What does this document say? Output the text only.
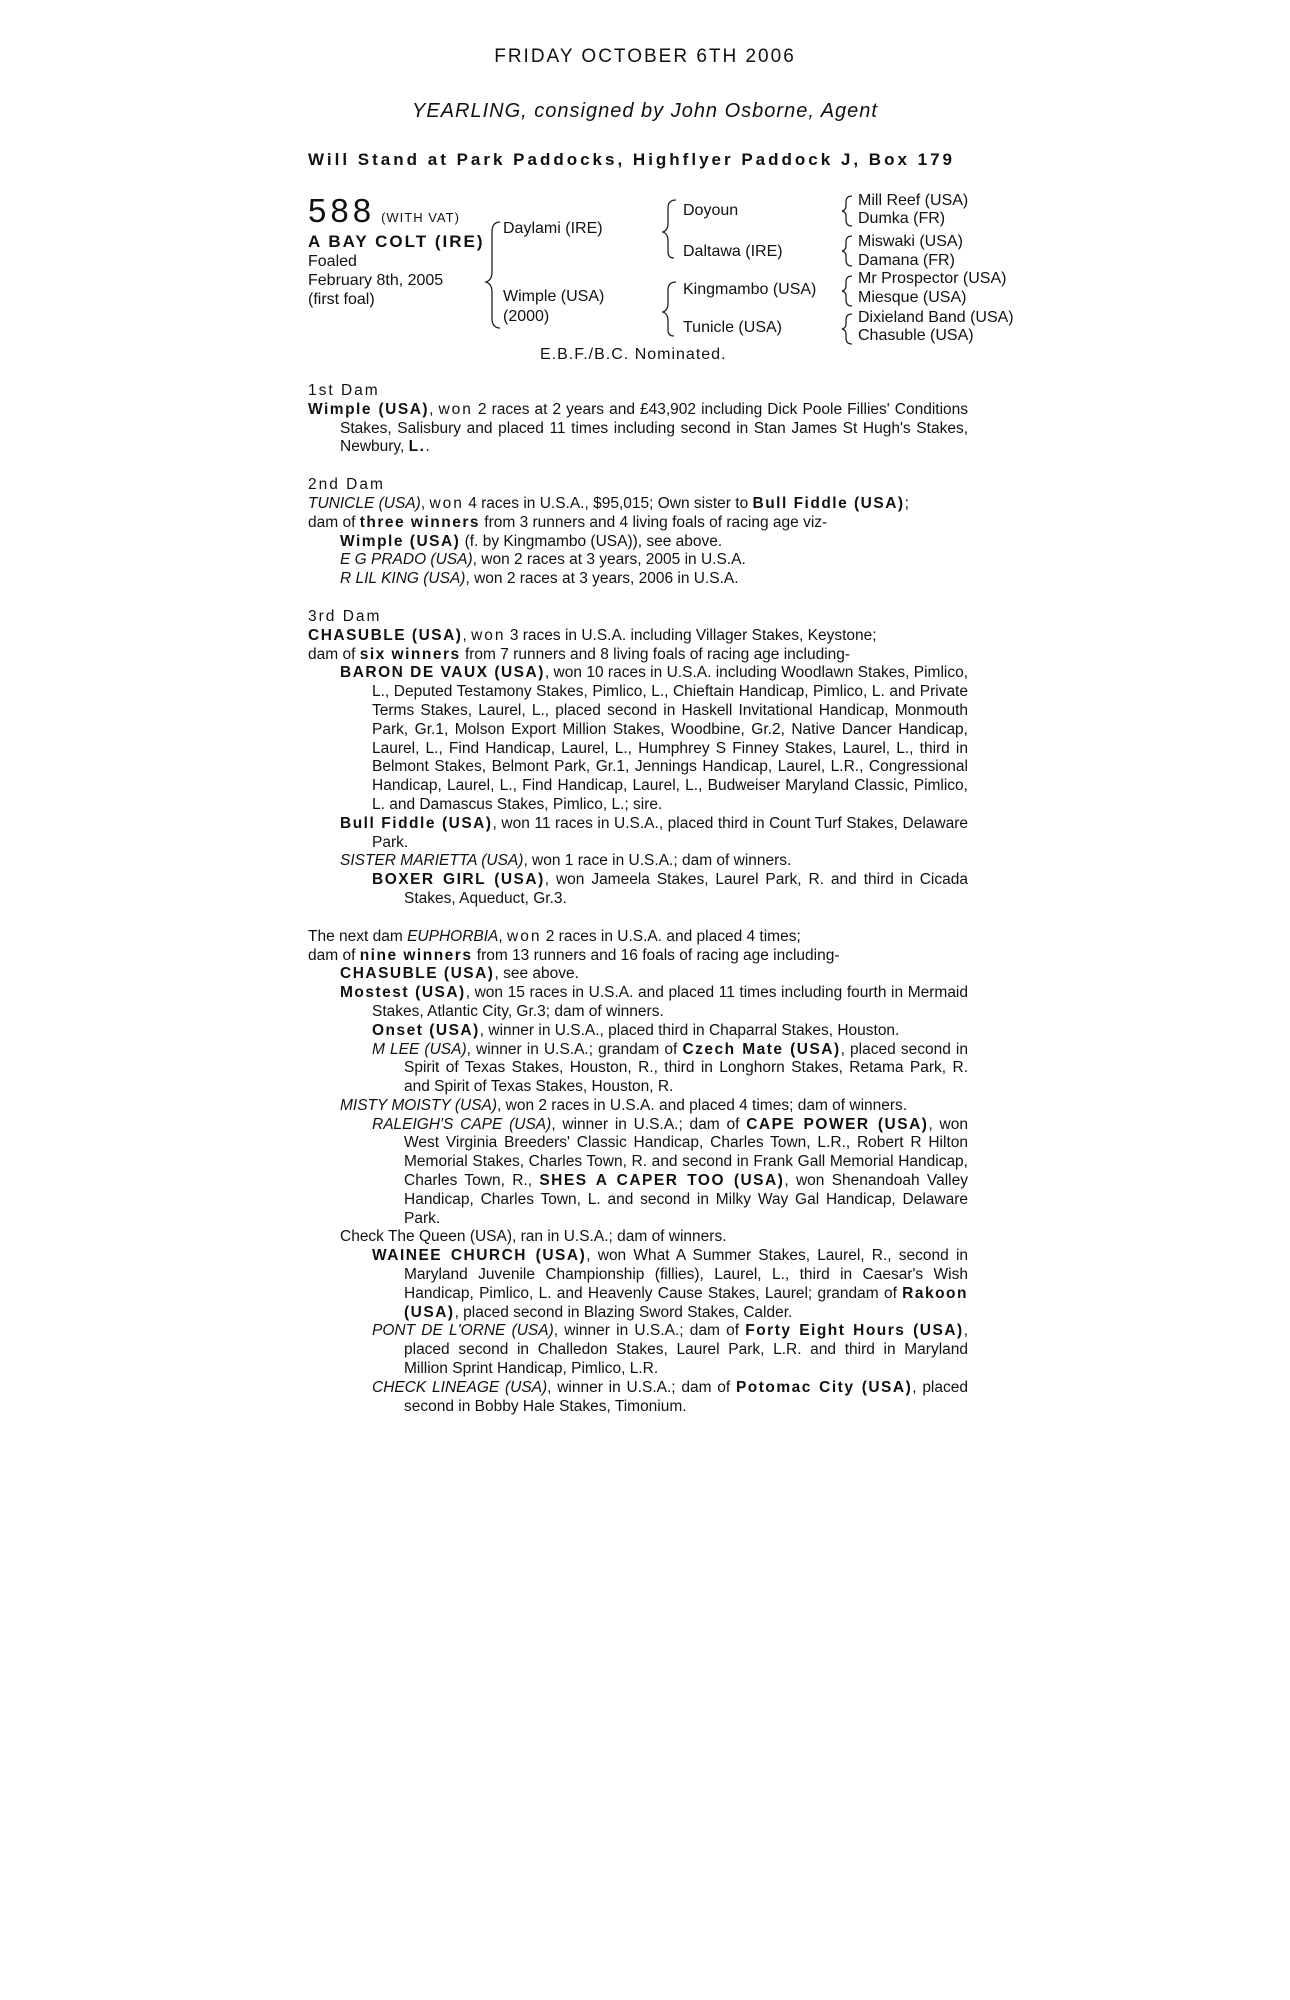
FRIDAY OCTOBER 6TH 2006
YEARLING, consigned by John Osborne, Agent
Will Stand at Park Paddocks, Highflyer Paddock J, Box 179
588 (WITH VAT)
A BAY COLT (IRE)
Foaled
February 8th, 2005
(first foal)
Daylami (IRE)
Wimple (USA)
(2000)
Doyoun
Daltawa (IRE)
Kingmambo (USA)
Tunicle (USA)
Mill Reef (USA)
Dumka (FR)
Miswaki (USA)
Damana (FR)
Mr Prospector (USA)
Miesque (USA)
Dixieland Band (USA)
Chasuble (USA)
E.B.F./B.C. Nominated.
1st Dam
Wimple (USA), won 2 races at 2 years and £43,902 including Dick Poole Fillies' Conditions Stakes, Salisbury and placed 11 times including second in Stan James St Hugh's Stakes, Newbury, L..
2nd Dam
TUNICLE (USA), won 4 races in U.S.A., $95,015; Own sister to Bull Fiddle (USA);
dam of three winners from 3 runners and 4 living foals of racing age viz-
Wimple (USA) (f. by Kingmambo (USA)), see above.
E G PRADO (USA), won 2 races at 3 years, 2005 in U.S.A.
R LIL KING (USA), won 2 races at 3 years, 2006 in U.S.A.
3rd Dam
CHASUBLE (USA), won 3 races in U.S.A. including Villager Stakes, Keystone;
dam of six winners from 7 runners and 8 living foals of racing age including-
BARON DE VAUX (USA), won 10 races in U.S.A. including Woodlawn Stakes, Pimlico, L., Deputed Testamony Stakes, Pimlico, L., Chieftain Handicap, Pimlico, L. and Private Terms Stakes, Laurel, L., placed second in Haskell Invitational Handicap, Monmouth Park, Gr.1, Molson Export Million Stakes, Woodbine, Gr.2, Native Dancer Handicap, Laurel, L., Find Handicap, Laurel, L., Humphrey S Finney Stakes, Laurel, L., third in Belmont Stakes, Belmont Park, Gr.1, Jennings Handicap, Laurel, L.R., Congressional Handicap, Laurel, L., Find Handicap, Laurel, L., Budweiser Maryland Classic, Pimlico, L. and Damascus Stakes, Pimlico, L.; sire.
Bull Fiddle (USA), won 11 races in U.S.A., placed third in Count Turf Stakes, Delaware Park.
SISTER MARIETTA (USA), won 1 race in U.S.A.; dam of winners.
BOXER GIRL (USA), won Jameela Stakes, Laurel Park, R. and third in Cicada Stakes, Aqueduct, Gr.3.
The next dam EUPHORBIA, won 2 races in U.S.A. and placed 4 times;
dam of nine winners from 13 runners and 16 foals of racing age including-
CHASUBLE (USA), see above.
Mostest (USA), won 15 races in U.S.A. and placed 11 times including fourth in Mermaid Stakes, Atlantic City, Gr.3; dam of winners.
Onset (USA), winner in U.S.A., placed third in Chaparral Stakes, Houston.
M LEE (USA), winner in U.S.A.; grandam of Czech Mate (USA), placed second in Spirit of Texas Stakes, Houston, R., third in Longhorn Stakes, Retama Park, R. and Spirit of Texas Stakes, Houston, R.
MISTY MOISTY (USA), won 2 races in U.S.A. and placed 4 times; dam of winners.
RALEIGH'S CAPE (USA), winner in U.S.A.; dam of CAPE POWER (USA), won West Virginia Breeders' Classic Handicap, Charles Town, L.R., Robert R Hilton Memorial Stakes, Charles Town, R. and second in Frank Gall Memorial Handicap, Charles Town, R., SHES A CAPER TOO (USA), won Shenandoah Valley Handicap, Charles Town, L. and second in Milky Way Gal Handicap, Delaware Park.
Check The Queen (USA), ran in U.S.A.; dam of winners.
WAINEE CHURCH (USA), won What A Summer Stakes, Laurel, R., second in Maryland Juvenile Championship (fillies), Laurel, L., third in Caesar's Wish Handicap, Pimlico, L. and Heavenly Cause Stakes, Laurel; grandam of Rakoon (USA), placed second in Blazing Sword Stakes, Calder.
PONT DE L'ORNE (USA), winner in U.S.A.; dam of Forty Eight Hours (USA), placed second in Challedon Stakes, Laurel Park, L.R. and third in Maryland Million Sprint Handicap, Pimlico, L.R.
CHECK LINEAGE (USA), winner in U.S.A.; dam of Potomac City (USA), placed second in Bobby Hale Stakes, Timonium.
